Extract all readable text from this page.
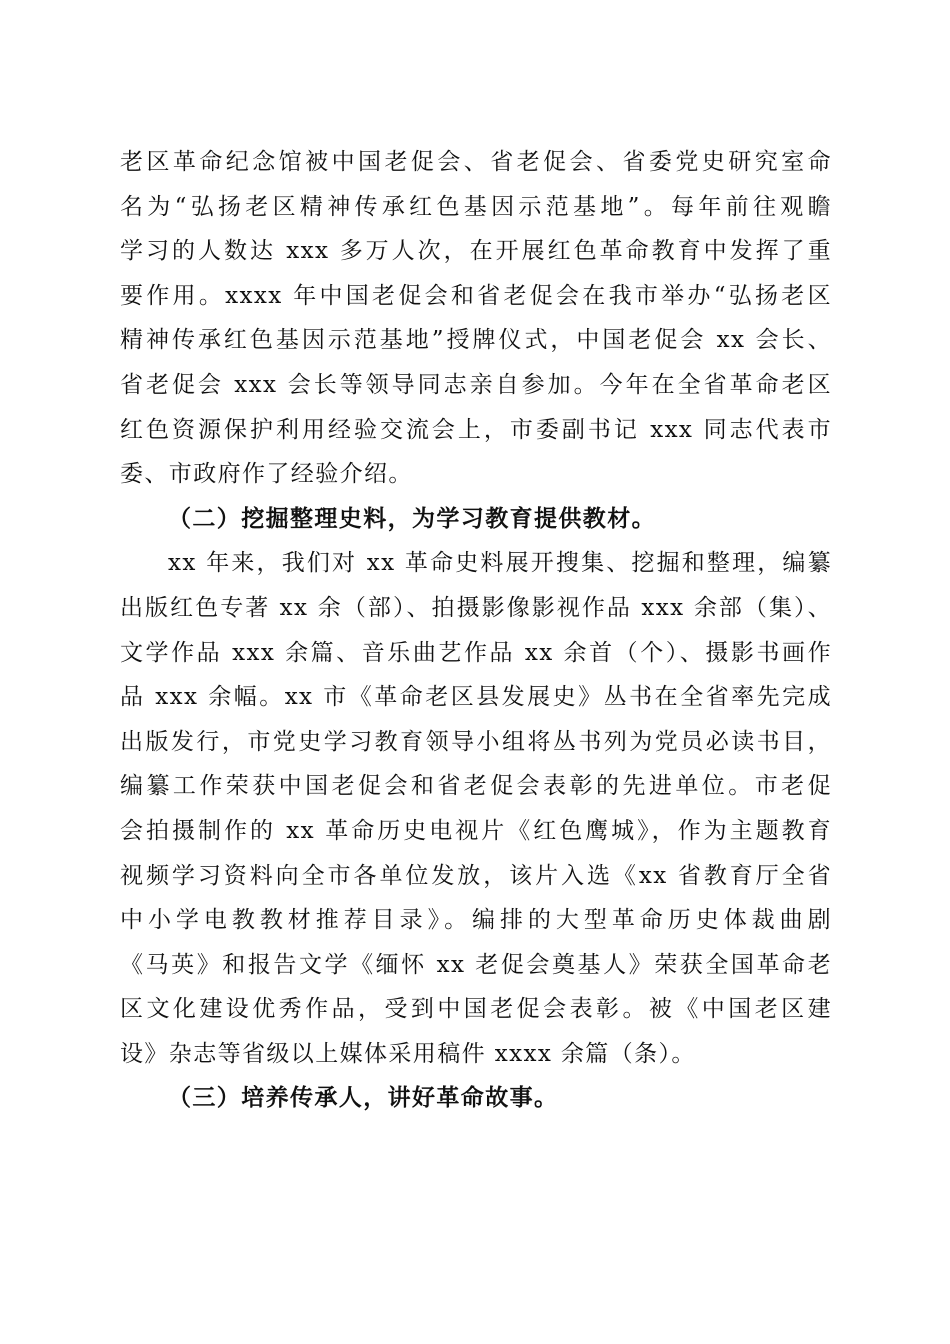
老区革命纪念馆被中国老促会、省老促会、省委党史研究室命
名为“弘扬老区精神传承红色基因示范基地”。每年前往观瞻
学习的人数达 xxx 多万人次，在开展红色革命教育中发挥了重
要作用。xxxx 年中国老促会和省老促会在我市举办“弘扬老区
精神传承红色基因示范基地”授牌仪式，中国老促会 xx 会长、
省老促会 xxx 会长等领导同志亲自参加。今年在全省革命老区
红色资源保护利用经验交流会上，市委副书记 xxx 同志代表市
委、市政府作了经验介绍。
（二）挖掘整理史料，为学习教育提供教材。
xx 年来，我们对 xx 革命史料展开搜集、挖掘和整理，编纂
出版红色专著 xx 余（部）、拍摄影像影视作品 xxx 余部（集）、
文学作品 xxx 余篇、音乐曲艺作品 xx 余首（个）、摄影书画作
品 xxx 余幅。xx 市《革命老区县发展史》丛书在全省率先完成
出版发行，市党史学习教育领导小组将丛书列为党员必读书目，
编纂工作荣获中国老促会和省老促会表彰的先进单位。市老促
会拍摄制作的 xx 革命历史电视片《红色鹰城》，作为主题教育
视频学习资料向全市各单位发放，该片入选《xx 省教育厅全省
中小学电教教材推荐目录》。编排的大型革命历史体裁曲剧
《马英》和报告文学《缅怀 xx 老促会奠基人》荣获全国革命老
区文化建设优秀作品，受到中国老促会表彰。被《中国老区建
设》杂志等省级以上媒体采用稿件 xxxx 余篇（条）。
（三）培养传承人，讲好革命故事。
